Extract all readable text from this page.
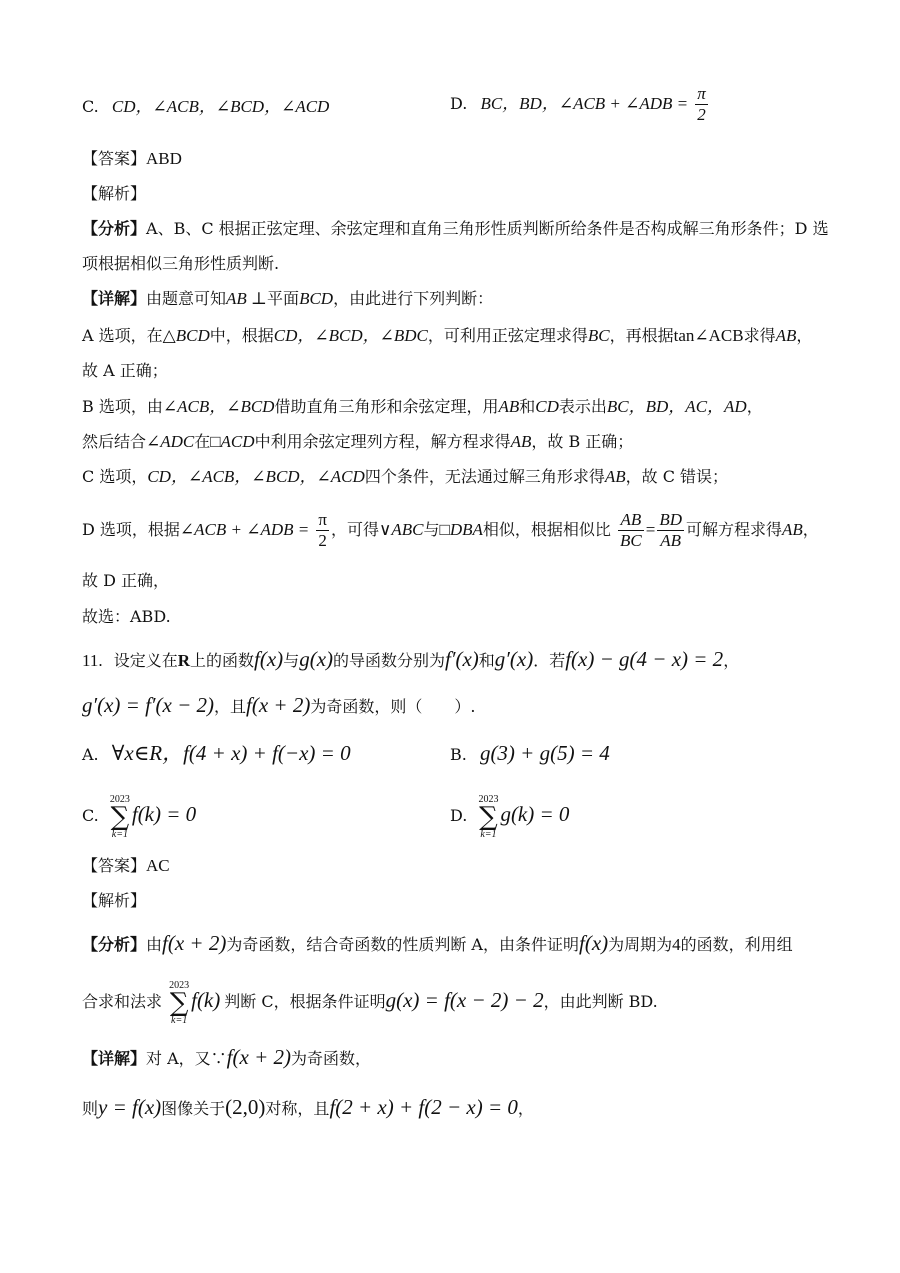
C. CD，∠ACB，∠BCD，∠ACD	D. BC，BD，∠ACB + ∠ADB = $\frac{\pi}{2}$
【答案】ABD
【解析】
【分析】A、B、C 根据正弦定理、余弦定理和直角三角形性质判断所给条件是否构成解三角形条件；D 选
项根据相似三角形性质判断.
【详解】由题意可知AB ⊥平面BCD，由此进行下列判断：
A 选项，在△BCD中，根据CD，∠BCD，∠BDC，可利用正弦定理求得BC，再根据tan∠ACB求得AB，
故 A 正确；
B 选项，由∠ACB，∠BCD借助直角三角形和余弦定理，用AB和CD表示出BC，BD，AC，AD，
然后结合∠ADC在□ACD中利用余弦定理列方程，解方程求得AB，故 B 正确；
C 选项，CD，∠ACB，∠BCD，∠ACD四个条件，无法通过解三角形求得AB，故 C 错误；
D 选项，根据∠ACB + ∠ADB = $\frac{\pi}{2}$ ，可得∨ABC与□DBA相似，根据相似比 $\frac{AB}{BC} = \frac{BD}{AB}$ 可解方程求得AB，
故 D 正确，
故选：ABD.
11. 设定义在R上的函数f(x)与g(x)的导函数分别为f′(x)和g′(x)．若f(x) − g(4 − x) = 2，
g′(x) = f′(x − 2)，且f(x + 2)为奇函数，则（　　）.
A. ∀x∈R，f(4 + x) + f(−x) = 0	B. g(3) + g(5) = 4
C.
2023
∑
k=1
f(k) = 0	D.
2023
∑
k=1
g(k) = 0
【答案】AC
【解析】
【分析】由f(x + 2)为奇函数，结合奇函数的性质判断 A，由条件证明f(x)为周期为4的函数，利用组
合求和法求
2023
∑
k=1
f(k) 判断 C，根据条件证明g(x) = f(x − 2) − 2，由此判断 BD.
【详解】对 A，又∵f(x + 2)为奇函数，
则y = f(x)图像关于(2,0)对称，且f(2 + x) + f(2 − x) = 0，
